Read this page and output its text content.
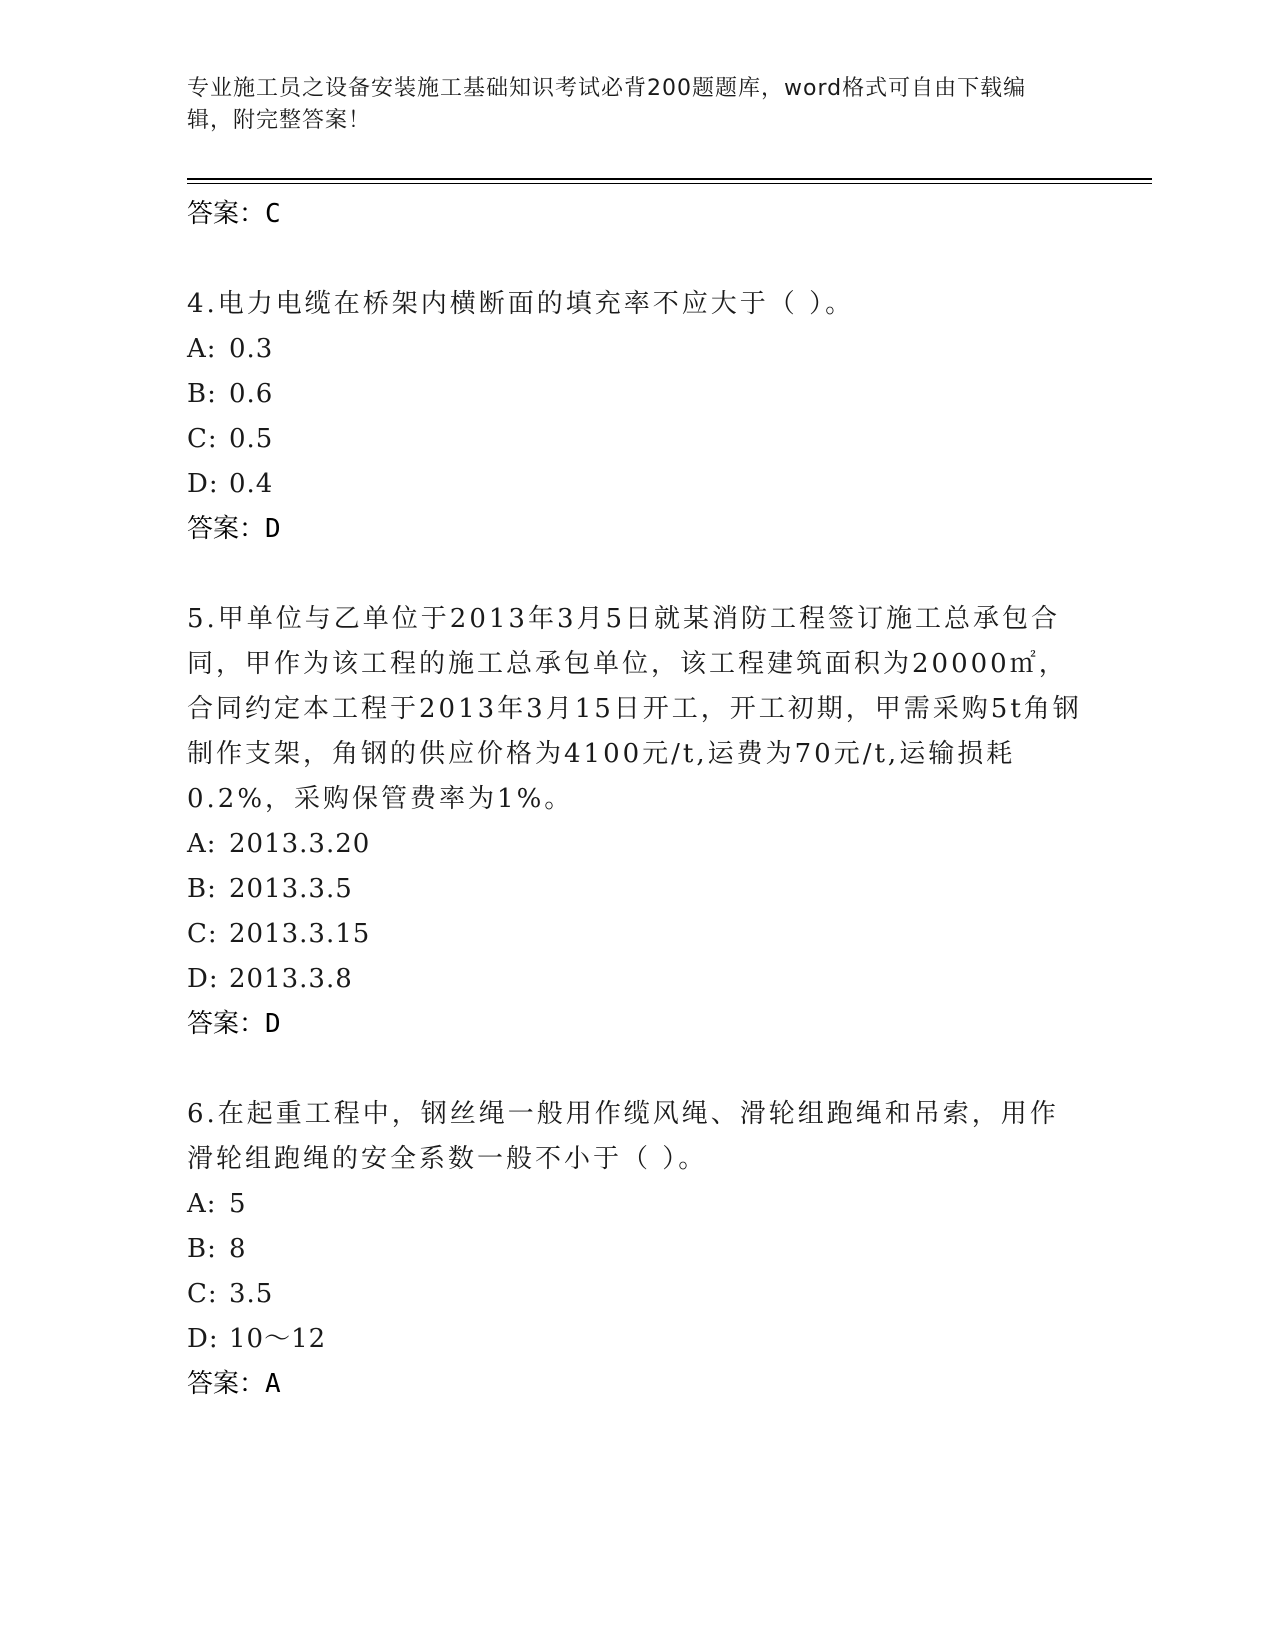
专业施工员之设备安装施工基础知识考试必背200题题库，word格式可自由下载编辑，附完整答案！
答案：C

4.电力电缆在桥架内横断面的填充率不应大于（ ）。

A: 0.3
B: 0.6
C: 0.5
D: 0.4
答案：D

5.甲单位与乙单位于2013年3月5日就某消防工程签订施工总承包合同，甲作为该工程的施工总承包单位，该工程建筑面积为20000㎡，合同约定本工程于2013年3月15日开工，开工初期，甲需采购5t角钢制作支架，角钢的供应价格为4100元/t,运费为70元/t,运输损耗0.2%，采购保管费率为1%。

A: 2013.3.20
B: 2013.3.5
C: 2013.3.15
D: 2013.3.8
答案：D

6.在起重工程中，钢丝绳一般用作缆风绳、滑轮组跑绳和吊索，用作滑轮组跑绳的安全系数一般不小于（ ）。

A: 5
B: 8
C: 3.5
D: 10～12
答案：A
